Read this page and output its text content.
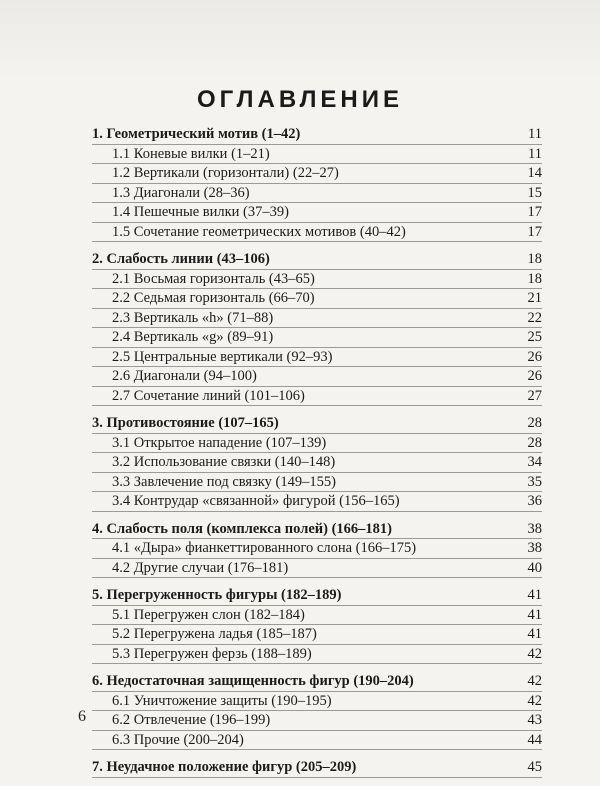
ОГЛАВЛЕНИЕ
1. Геометрический мотив (1–42)	11
1.1 Коневые вилки (1–21)	11
1.2 Вертикали (горизонтали) (22–27)	14
1.3 Диагонали (28–36)	15
1.4 Пешечные вилки (37–39)	17
1.5 Сочетание геометрических мотивов (40–42)	17
2. Слабость линии (43–106)	18
2.1 Восьмая горизонталь (43–65)	18
2.2 Седьмая горизонталь (66–70)	21
2.3 Вертикаль «h» (71–88)	22
2.4 Вертикаль «g» (89–91)	25
2.5 Центральные вертикали (92–93)	26
2.6 Диагонали (94–100)	26
2.7 Сочетание линий (101–106)	27
3. Противостояние (107–165)	28
3.1 Открытое нападение (107–139)	28
3.2 Использование связки (140–148)	34
3.3 Завлечение под связку (149–155)	35
3.4 Контрудар «связанной» фигурой (156–165)	36
4. Слабость поля (комплекса полей) (166–181)	38
4.1 «Дыра» фианкеттированного слона (166–175)	38
4.2 Другие случаи (176–181)	40
5. Перегруженность фигуры (182–189)	41
5.1 Перегружен слон (182–184)	41
5.2 Перегружена ладья (185–187)	41
5.3 Перегружен ферзь (188–189)	42
6. Недостаточная защищенность фигур (190–204)	42
6.1 Уничтожение защиты (190–195)	42
6.2 Отвлечение (196–199)	43
6.3 Прочие (200–204)	44
7. Неудачное положение фигур (205–209)	45
6
